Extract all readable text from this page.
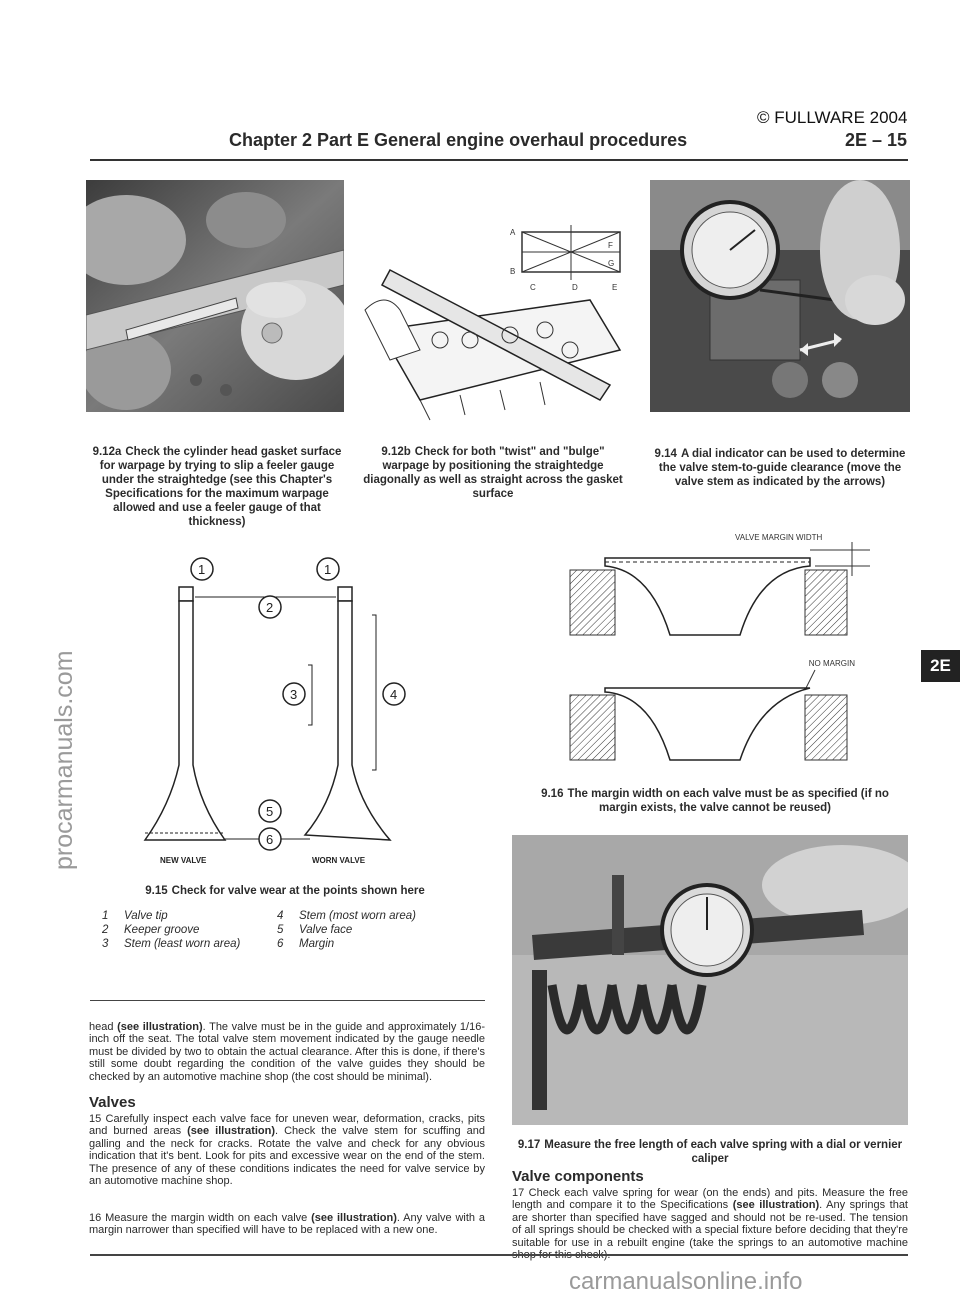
© FULLWARE 2004
Chapter 2 Part E General engine overhaul procedures	2E – 15
procarmanuals.com	2E
A
B
C	D	E
F
G
9.12a Check the cylinder head gasket surface for warpage by trying to slip a feeler gauge under the straightedge (see this Chapter's Specifications for the maximum warpage allowed and use a feeler gauge of that thickness)
9.12b Check for both "twist" and "bulge" warpage by positioning the straightedge diagonally as well as straight across the gasket surface
9.14 A dial indicator can be used to determine the valve stem-to-guide clearance (move the valve stem as indicated by the arrows)
1	1
2
3	4
5
6
NEW VALVE	WORN VALVE
9.15 Check for valve wear at the points shown here
1	Valve tip
2	Keeper groove
3	Stem (least worn area)
4	Stem (most worn area)
5	Valve face
6	Margin
VALVE MARGIN WIDTH
NO MARGIN
9.16 The margin width on each valve must be as specified (if no margin exists, the valve cannot be reused)
9.17 Measure the free length of each valve spring with a dial or vernier caliper
head (see illustration). The valve must be in the guide and approximately 1/16-inch off the seat. The total valve stem movement indicated by the gauge needle must be divided by two to obtain the actual clearance. After this is done, if there's still some doubt regarding the condition of the valve guides they should be checked by an automotive machine shop (the cost should be minimal).
Valves
15 Carefully inspect each valve face for uneven wear, deformation, cracks, pits and burned areas (see illustration). Check the valve stem for scuffing and galling and the neck for cracks. Rotate the valve and check for any obvious indication that it's bent. Look for pits and excessive wear on the end of the stem. The presence of any of these conditions indicates the need for valve service by an automotive machine shop.
16 Measure the margin width on each valve (see illustration). Any valve with a margin narrower than specified will have to be replaced with a new one.
Valve components
17 Check each valve spring for wear (on the ends) and pits. Measure the free length and compare it to the Specifications (see illustration). Any springs that are shorter than specified have sagged and should not be re-used. The tension of all springs should be checked with a special fixture before deciding that they're suitable for use in a rebuilt engine (take the springs to an automotive machine
carmanualsonline.info
